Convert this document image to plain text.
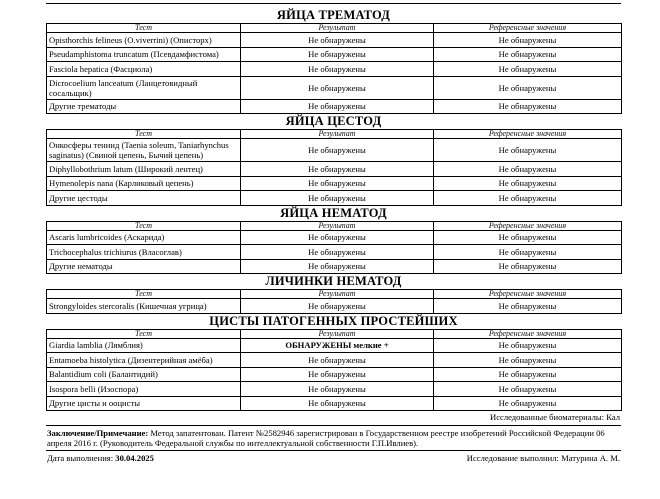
ЯЙЦА ТРЕМАТОД
Тест	Результат	Референсные значения
Opisthorchis felineus (O.viverrini) (Описторх)	Не обнаружены	Не обнаружены
Pseudamphistoma truncatum (Псевдамфистома)	Не обнаружены	Не обнаружены
Fasciola hepatica (Фасциола)	Не обнаружены	Не обнаружены
Dicrocoelium lanceatum (Ланцетовидный сосальщик)	Не обнаружены	Не обнаружены
Другие трематоды	Не обнаружены	Не обнаружены
ЯЙЦА ЦЕСТОД
Тест	Результат	Референсные значения
Онкосферы тениид (Taenia soleum, Taniarhynchus saginatus) (Свиной цепень, Бычий цепень)	Не обнаружены	Не обнаружены
Diphyllobothrium latum (Широкий лентец)	Не обнаружены	Не обнаружены
Hymenolepis nana (Карликовый цепень)	Не обнаружены	Не обнаружены
Другие цестоды	Не обнаружены	Не обнаружены
ЯЙЦА НЕМАТОД
Тест	Результат	Референсные значения
Ascaris lumbricoides (Аскарида)	Не обнаружены	Не обнаружены
Trichocephalus trichiurus (Власоглав)	Не обнаружены	Не обнаружены
Другие нематоды	Не обнаружены	Не обнаружены
ЛИЧИНКИ НЕМАТОД
Тест	Результат	Референсные значения
Strongyloides stercoralis (Кишечная угрица)	Не обнаружены	Не обнаружены
ЦИСТЫ ПАТОГЕННЫХ ПРОСТЕЙШИХ
Тест	Результат	Референсные значения
Giardia lamblia (Лямблия)	ОБНАРУЖЕНЫ мелкие +	Не обнаружены
Entamoeba histolytica (Дизентерийная амёба)	Не обнаружены	Не обнаружены
Balantidium coli (Балантидий)	Не обнаружены	Не обнаружены
Isospora belli (Изоспора)	Не обнаружены	Не обнаружены
Другие цисты и ооцисты	Не обнаружены	Не обнаружены
Исследованные биоматериалы: Кал
Заключение/Примечание: Метод запатентован. Патент №2582946 зарегистрирован в Государственном реестре изобретений Российской Федерации 06 апреля 2016 г. (Руководитель Федеральной службы по интеллектуальной собственности Г.П.Ивлиев).
Дата выполнения: 30.04.2025	Исследование выполнил: Матурина А. М.
